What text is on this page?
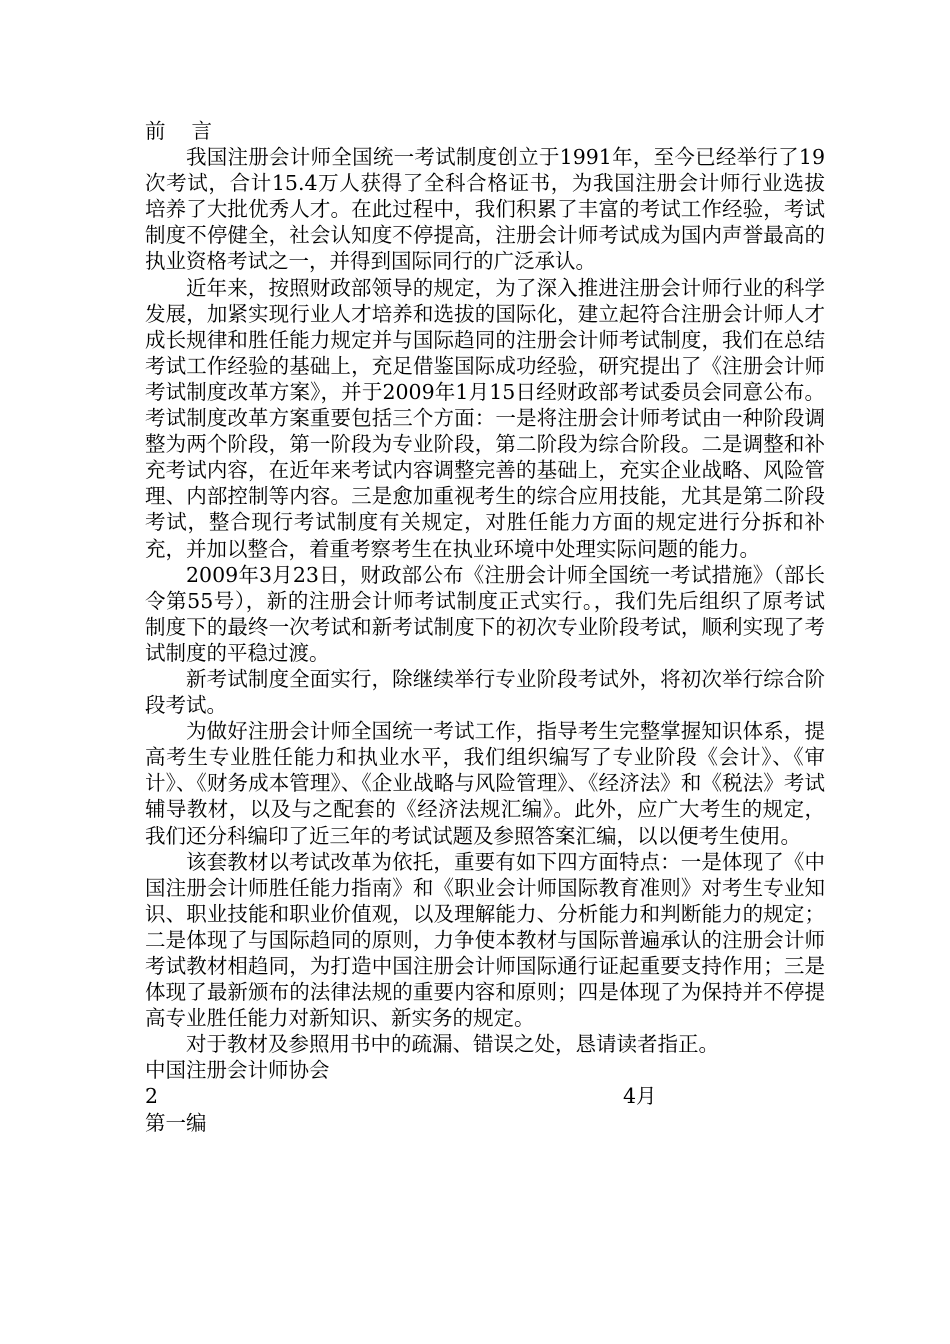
前言

我国注册会计师全国统一考试制度创立于1991年，至今已经举行了19次考试，合计15.4万人获得了全科合格证书，为我国注册会计师行业选拔培养了大批优秀人才。在此过程中，我们积累了丰富的考试工作经验，考试制度不停健全，社会认知度不停提高，注册会计师考试成为国内声誉最高的执业资格考试之一，并得到国际同行的广泛承认。

近年来，按照财政部领导的规定，为了深入推进注册会计师行业的科学发展，加紧实现行业人才培养和选拔的国际化，建立起符合注册会计师人才成长规律和胜任能力规定并与国际趋同的注册会计师考试制度，我们在总结考试工作经验的基础上，充足借鉴国际成功经验，研究提出了《注册会计师考试制度改革方案》，并于2009年1月15日经财政部考试委员会同意公布。考试制度改革方案重要包括三个方面：一是将注册会计师考试由一种阶段调整为两个阶段，第一阶段为专业阶段，第二阶段为综合阶段。二是调整和补充考试内容，在近年来考试内容调整完善的基础上，充实企业战略、风险管理、内部控制等内容。三是愈加重视考生的综合应用技能，尤其是第二阶段考试，整合现行考试制度有关规定，对胜任能力方面的规定进行分拆和补充，并加以整合，着重考察考生在执业环境中处理实际问题的能力。

2009年3月23日，财政部公布《注册会计师全国统一考试措施》（部长令第55号），新的注册会计师考试制度正式实行。，我们先后组织了原考试制度下的最终一次考试和新考试制度下的初次专业阶段考试，顺利实现了考试制度的平稳过渡。

新考试制度全面实行，除继续举行专业阶段考试外，将初次举行综合阶段考试。

为做好注册会计师全国统一考试工作，指导考生完整掌握知识体系，提高考生专业胜任能力和执业水平，我们组织编写了专业阶段《会计》、《审计》、《财务成本管理》、《企业战略与风险管理》、《经济法》和《税法》考试辅导教材，以及与之配套的《经济法规汇编》。此外，应广大考生的规定，我们还分科编印了近三年的考试试题及参照答案汇编，以以便考生使用。

该套教材以考试改革为依托，重要有如下四方面特点：一是体现了《中国注册会计师胜任能力指南》和《职业会计师国际教育准则》对考生专业知识、职业技能和职业价值观，以及理解能力、分析能力和判断能力的规定；二是体现了与国际趋同的原则，力争使本教材与国际普遍承认的注册会计师考试教材相趋同，为打造中国注册会计师国际通行证起重要支持作用；三是体现了最新颁布的法律法规的重要内容和原则；四是体现了为保持并不停提高专业胜任能力对新知识、新实务的规定。

对于教材及参照用书中的疏漏、错误之处，恳请读者指正。

中国注册会计师协会

2	4月

第一编
